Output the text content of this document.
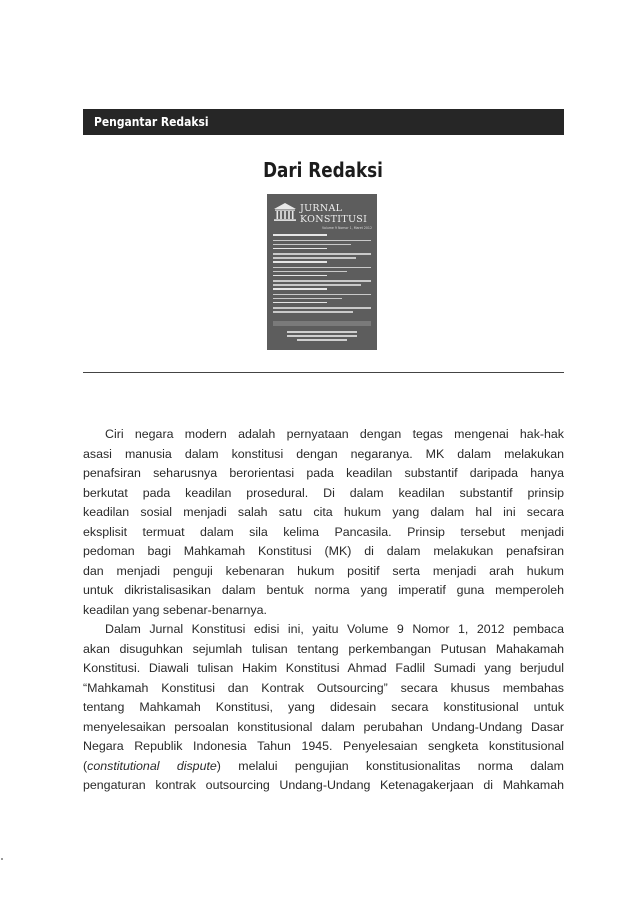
Pengantar Redaksi
Dari Redaksi
JURNAL
KONSTITUSI
Volume 9 Nomor 1, Maret 2012
Ciri negara modern adalah pernyataan dengan tegas mengenai hak-hak
asasi manusia dalam konstitusi dengan negaranya. MK dalam melakukan
penafsiran seharusnya berorientasi pada keadilan substantif daripada hanya
berkutat pada keadilan prosedural. Di dalam keadilan substantif prinsip
keadilan sosial menjadi salah satu cita hukum yang dalam hal ini secara
eksplisit termuat dalam sila kelima Pancasila. Prinsip tersebut menjadi
pedoman bagi Mahkamah Konstitusi (MK) di dalam melakukan penafsiran
dan menjadi penguji kebenaran hukum positif serta menjadi arah hukum
untuk dikristalisasikan dalam bentuk norma yang imperatif guna memperoleh
keadilan yang sebenar-benarnya.
Dalam Jurnal Konstitusi edisi ini, yaitu Volume 9 Nomor 1, 2012 pembaca
akan disuguhkan sejumlah tulisan tentang perkembangan Putusan Mahakamah
Konstitusi. Diawali tulisan Hakim Konstitusi Ahmad Fadlil Sumadi yang berjudul
“Mahkamah Konstitusi dan Kontrak Outsourcing” secara khusus membahas
tentang Mahkamah Konstitusi, yang didesain secara konstitusional untuk
menyelesaikan persoalan konstitusional dalam perubahan Undang-Undang Dasar
Negara Republik Indonesia Tahun 1945. Penyelesaian sengketa konstitusional
(constitutional dispute) melalui pengujian konstitusionalitas norma dalam
pengaturan kontrak outsourcing Undang-Undang Ketenagakerjaan di Mahkamah
